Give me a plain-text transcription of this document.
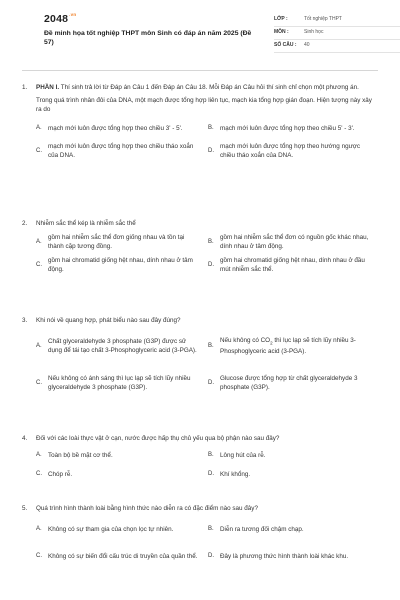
$2048^{.vn}$
Đề minh họa tốt nghiệp THPT môn Sinh có đáp án năm 2025 (Đề 57)
LỚP :	Tốt nghiệp THPT
MÔN :	Sinh học
SỐ CÂU :	40
1.	PHẦN I. Thí sinh trả lời từ Đáp án Câu 1 đến Đáp án Câu 18. Mỗi Đáp án Câu hỏi thí sinh chỉ chọn một phương án.
Trong quá trình nhân đôi của DNA, một mạch được tổng hợp liên tục, mạch kia tổng hợp gián đoạn. Hiện tượng này xảy ra do
A.	mạch mới luôn được tổng hợp theo chiều 3' - 5'.	B.	mạch mới luôn được tổng hợp theo chiều 5' - 3'.
C.
mạch mới luôn được tổng hợp theo chiều tháo xoắn của DNA.
D.
mạch mới luôn được tổng hợp theo hướng ngược chiều tháo xoắn của DNA.
2.	Nhiễm sắc thể kép là nhiễm sắc thể
A.
gồm hai nhiễm sắc thể đơn giống nhau và tồn tại thành cặp tương đồng.
B.
gồm hai nhiễm sắc thể đơn có nguồn gốc khác nhau, dính nhau ở tâm động.
C.
gồm hai chromatid giống hệt nhau, dính nhau ở tâm động.
D.
gồm hai chromatid giống hệt nhau, dính nhau ở đầu mút nhiễm sắc thể.
3.	Khi nói về quang hợp, phát biểu nào sau đây đúng?
A.
Chất glyceraldehyde 3 phosphate (G3P) được sử dụng để tái tạo chất 3-Phosphoglyceric acid (3-PGA).
B.
Nếu không có $CO_2$ thì lục lạp sẽ tích lũy nhiều 3-Phosphoglyceric acid (3-PGA).
C.
Nếu không có ánh sáng thì lục lạp sẽ tích lũy nhiều glyceraldehyde 3 phosphate (G3P).
D.
Glucose được tổng hợp từ chất glyceraldehyde 3 phosphate (G3P).
4.	Đối với các loài thực vật ở cạn, nước được hấp thụ chủ yếu qua bộ phận nào sau đây?
A.	Toàn bộ bề mặt cơ thể.	B.	Lông hút của rễ.
C. Chóp rễ.	D. Khí khổng.
5.	Quá trình hình thành loài bằng hình thức nào diễn ra có đặc điểm nào sau đây?
A.	Không có sự tham gia của chọn lọc tự nhiên.	B.	Diễn ra tương đối chậm chạp.
C. Không có sự biến đổi cấu trúc di truyền của quần thể.	D. Đây là phương thức hình thành loài khác khu.
